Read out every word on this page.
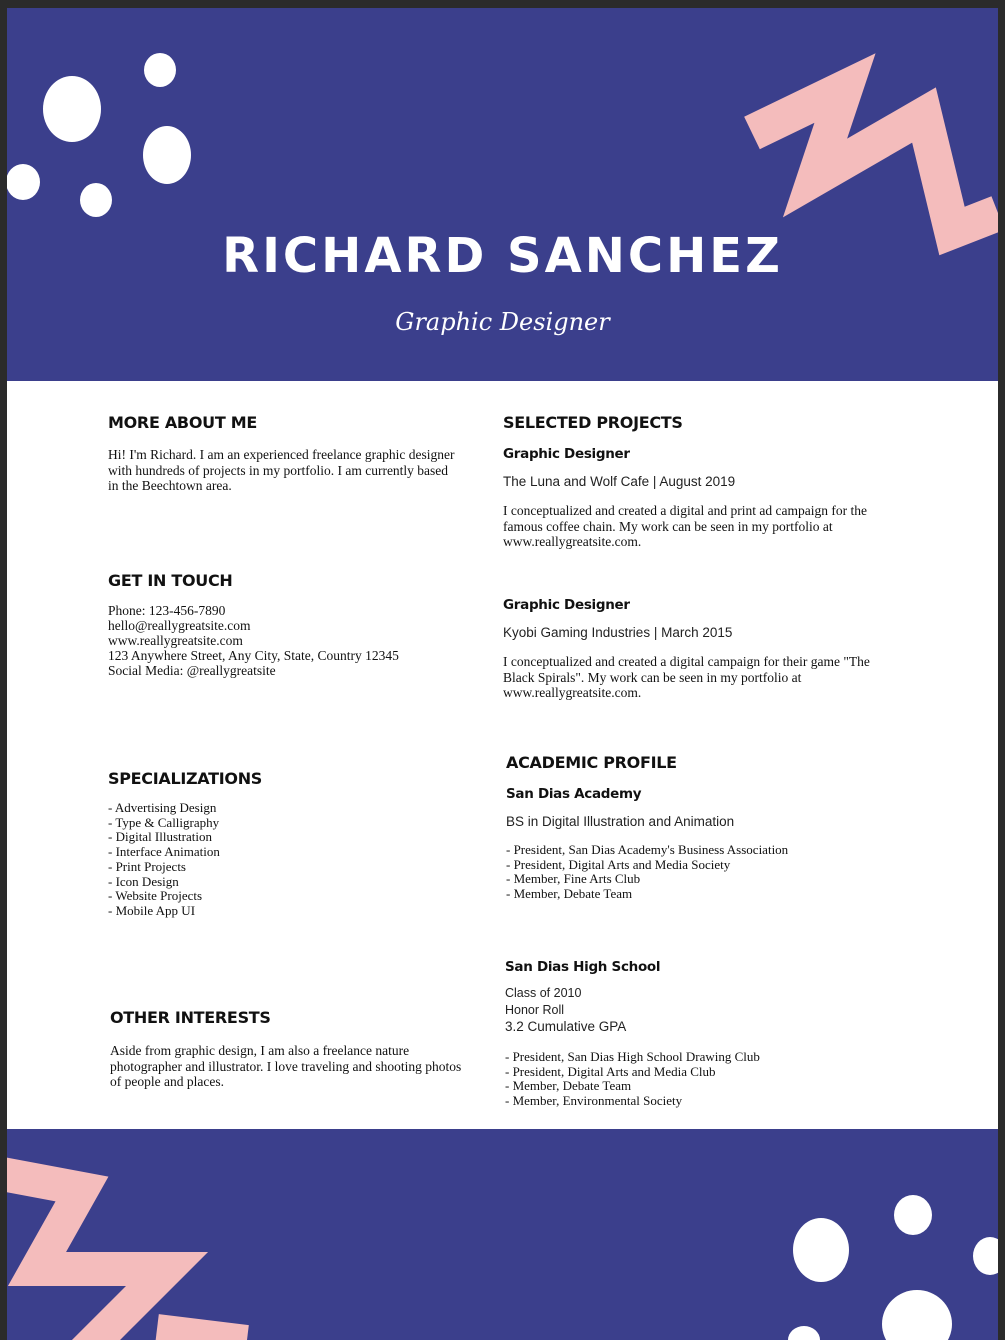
RICHARD SANCHEZ
Graphic Designer
MORE ABOUT ME

Hi! I'm Richard. I am an experienced freelance graphic designer with hundreds of projects in my portfolio. I am currently based in the Beechtown area.

GET IN TOUCH
Phone: 123-456-7890
hello@reallygreatsite.com
www.reallygreatsite.com
123 Anywhere Street, Any City, State, Country 12345
Social Media: @reallygreatsite
SPECIALIZATIONS
- Advertising Design
- Type & Calligraphy
- Digital Illustration
- Interface Animation
- Print Projects
- Icon Design
- Website Projects
- Mobile App UI
OTHER INTERESTS

Aside from graphic design, I am also a freelance nature photographer and illustrator. I love traveling and shooting photos of people and places.

SELECTED PROJECTS
Graphic Designer
The Luna and Wolf Cafe | August 2019

I conceptualized and created a digital and print ad campaign for the famous coffee chain. My work can be seen in my portfolio at www.reallygreatsite.com.

Graphic Designer
Kyobi Gaming Industries | March 2015

I conceptualized and created a digital campaign for their game "The Black Spirals". My work can be seen in my portfolio at www.reallygreatsite.com.

ACADEMIC PROFILE
San Dias Academy
BS in Digital Illustration and Animation
- President, San Dias Academy's Business Association
- President, Digital Arts and Media Society
- Member, Fine Arts Club
- Member, Debate Team
San Dias High School
Class of 2010
Honor Roll
3.2 Cumulative GPA
- President, San Dias High School Drawing Club
- President, Digital Arts and Media Club
- Member, Debate Team
- Member, Environmental Society
